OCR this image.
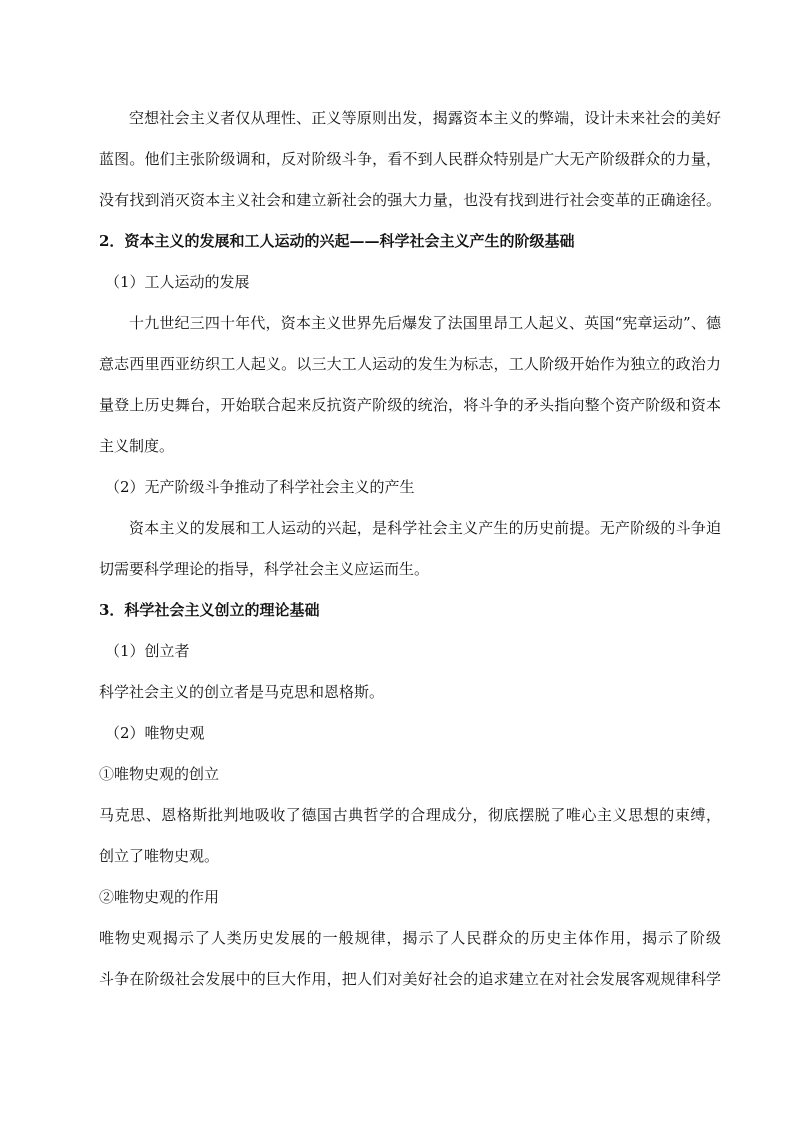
空想社会主义者仅从理性、正义等原则出发，揭露资本主义的弊端，设计未来社会的美好
蓝图。他们主张阶级调和，反对阶级斗争，看不到人民群众特别是广大无产阶级群众的力量，
没有找到消灭资本主义社会和建立新社会的强大力量，也没有找到进行社会变革的正确途径。
2．资本主义的发展和工人运动的兴起——科学社会主义产生的阶级基础
（1）工人运动的发展
十九世纪三四十年代，资本主义世界先后爆发了法国里昂工人起义、英国“宪章运动”、德
意志西里西亚纺织工人起义。以三大工人运动的发生为标志，工人阶级开始作为独立的政治力
量登上历史舞台，开始联合起来反抗资产阶级的统治，将斗争的矛头指向整个资产阶级和资本
主义制度。
（2）无产阶级斗争推动了科学社会主义的产生
资本主义的发展和工人运动的兴起，是科学社会主义产生的历史前提。无产阶级的斗争迫
切需要科学理论的指导，科学社会主义应运而生。
3．科学社会主义创立的理论基础
（1）创立者
科学社会主义的创立者是马克思和恩格斯。
（2）唯物史观
①唯物史观的创立
马克思、恩格斯批判地吸收了德国古典哲学的合理成分，彻底摆脱了唯心主义思想的束缚，
创立了唯物史观。
②唯物史观的作用
唯物史观揭示了人类历史发展的一般规律，揭示了人民群众的历史主体作用，揭示了阶级
斗争在阶级社会发展中的巨大作用，把人们对美好社会的追求建立在对社会发展客观规律科学
